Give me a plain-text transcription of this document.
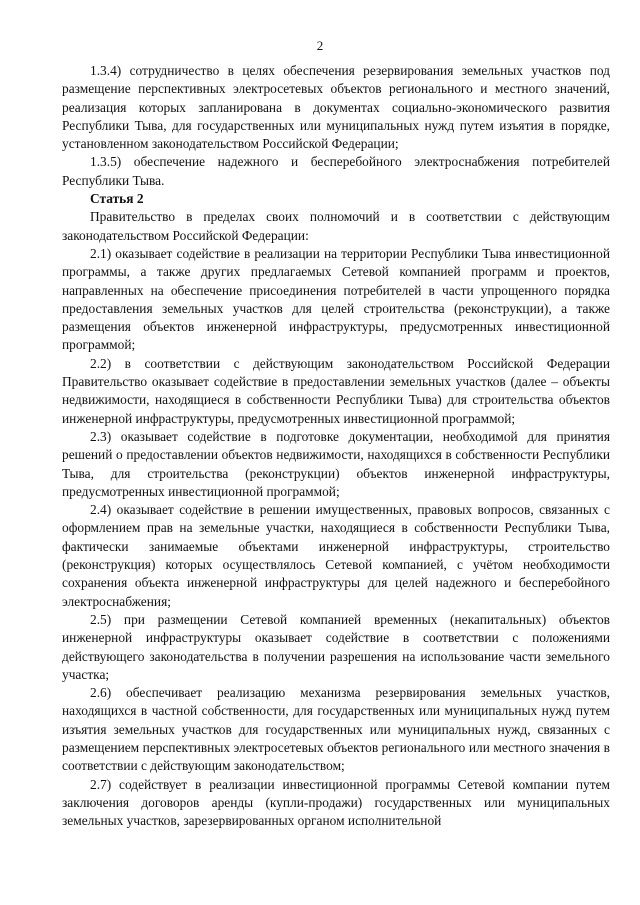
2

1.3.4) сотрудничество в целях обеспечения резервирования земельных участков под размещение перспективных электросетевых объектов регионального и местного значений, реализация которых запланирована в документах социально-экономического развития Республики Тыва, для государственных или муниципальных нужд путем изъятия в порядке, установленном законодательством Российской Федерации;

1.3.5) обеспечение надежного и бесперебойного электроснабжения потребителей Республики Тыва.

Статья 2

Правительство в пределах своих полномочий и в соответствии с действующим законодательством Российской Федерации:

2.1) оказывает содействие в реализации на территории Республики Тыва инвестиционной программы, а также других предлагаемых Сетевой компанией программ и проектов, направленных на обеспечение присоединения потребителей в части упрощенного порядка предоставления земельных участков для целей строительства (реконструкции), а также размещения объектов инженерной инфраструктуры, предусмотренных инвестиционной программой;

2.2) в соответствии с действующим законодательством Российской Федерации Правительство оказывает содействие в предоставлении земельных участков (далее – объекты недвижимости, находящиеся в собственности Республики Тыва) для строительства объектов инженерной инфраструктуры, предусмотренных инвестиционной программой;

2.3) оказывает содействие в подготовке документации, необходимой для принятия решений о предоставлении объектов недвижимости, находящихся в собственности Республики Тыва, для строительства (реконструкции) объектов инженерной инфраструктуры, предусмотренных инвестиционной программой;

2.4) оказывает содействие в решении имущественных, правовых вопросов, связанных с оформлением прав на земельные участки, находящиеся в собственности Республики Тыва, фактически занимаемые объектами инженерной инфраструктуры, строительство (реконструкция) которых осуществлялось Сетевой компанией, с учётом необходимости сохранения объекта инженерной инфраструктуры для целей надежного и бесперебойного электроснабжения;

2.5) при размещении Сетевой компанией временных (некапитальных) объектов инженерной инфраструктуры оказывает содействие в соответствии с положениями действующего законодательства в получении разрешения на использование части земельного участка;

2.6) обеспечивает реализацию механизма резервирования земельных участков, находящихся в частной собственности, для государственных или муниципальных нужд путем изъятия земельных участков для государственных или муниципальных нужд, связанных с размещением перспективных электросетевых объектов регионального или местного значения в соответствии с действующим законодательством;

2.7) содействует в реализации инвестиционной программы Сетевой компании путем заключения договоров аренды (купли-продажи) государственных или муниципальных земельных участков, зарезервированных органом исполнительной
